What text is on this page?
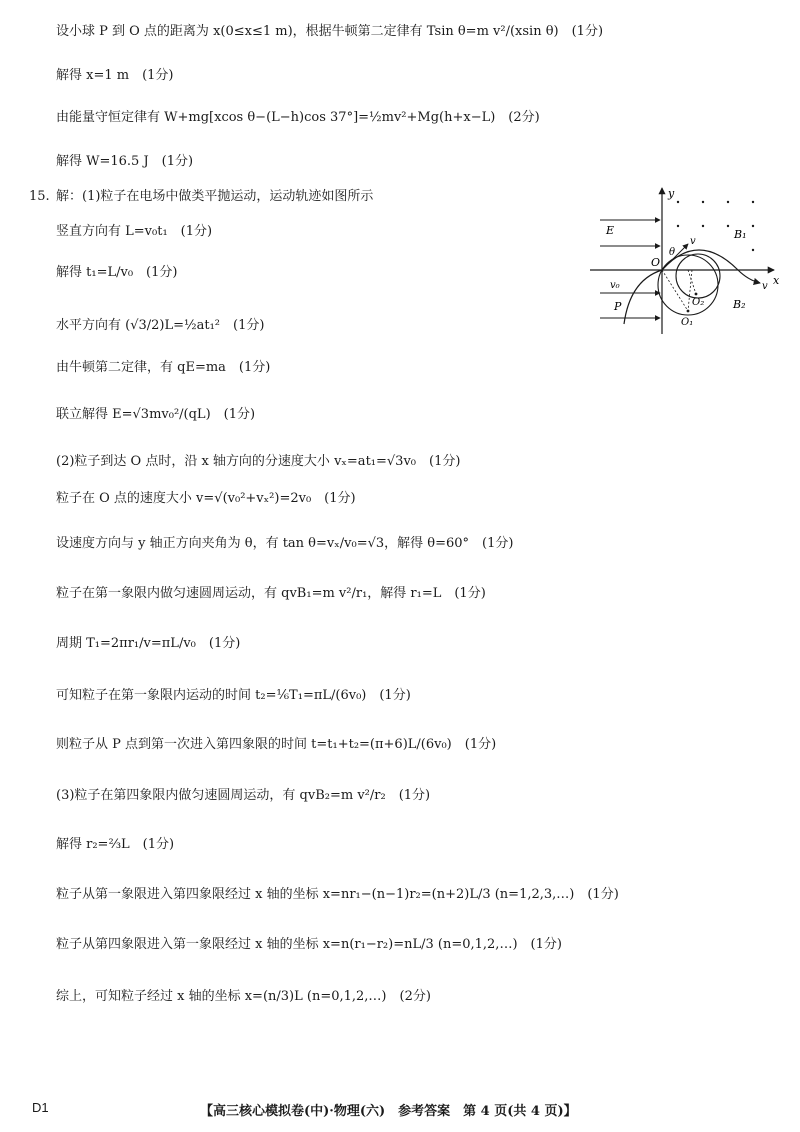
设小球 P 到 O 点的距离为 x(0≤x≤1 m)，根据牛顿第二定律有 Tsin θ=m v²/(xsin θ)　(1分)
解得 x=1 m　(1分)
由能量守恒定律有 W+mg[xcos θ−(L−h)cos 37°]=½mv²+Mg(h+x−L)　(2分)
解得 W=16.5 J　(1分)
15. 解：(1)粒子在电场中做类平抛运动，运动轨迹如图所示
竖直方向有 L=v₀t₁　(1分)
解得 t₁=L/v₀　(1分)
水平方向有 (√3/2)L=½at₁²　(1分)
由牛顿第二定律，有 qE=ma　(1分)
联立解得 E=√3mv₀²/(qL)　(1分)
(2)粒子到达 O 点时，沿 x 轴方向的分速度大小 vₓ=at₁=√3v₀　(1分)
粒子在 O 点的速度大小 v=√(v₀²+vₓ²)=2v₀　(1分)
设速度方向与 y 轴正方向夹角为 θ，有 tan θ=vₓ/v₀=√3，解得 θ=60°　(1分)
粒子在第一象限内做匀速圆周运动，有 qvB₁=m v²/r₁，解得 r₁=L　(1分)
周期 T₁=2πr₁/v=πL/v₀　(1分)
可知粒子在第一象限内运动的时间 t₂=⅙T₁=πL/(6v₀)　(1分)
则粒子从 P 点到第一次进入第四象限的时间 t=t₁+t₂=(π+6)L/(6v₀)　(1分)
(3)粒子在第四象限内做匀速圆周运动，有 qvB₂=m v²/r₂　(1分)
解得 r₂=⅔L　(1分)
粒子从第一象限进入第四象限经过 x 轴的坐标 x=nr₁−(n−1)r₂=(n+2)L/3 (n=1,2,3,…)　(1分)
粒子从第四象限进入第一象限经过 x 轴的坐标 x=n(r₁−r₂)=nL/3 (n=0,1,2,…)　(1分)
综上，可知粒子经过 x 轴的坐标 x=(n/3)L (n=0,1,2,…)　(2分)
y
x
E	B₁
B₂
O₁
O₂
O
θ
v
v
v₀
P
D1	【高三核心模拟卷(中)·物理(六)　参考答案　第 4 页(共 4 页)】
